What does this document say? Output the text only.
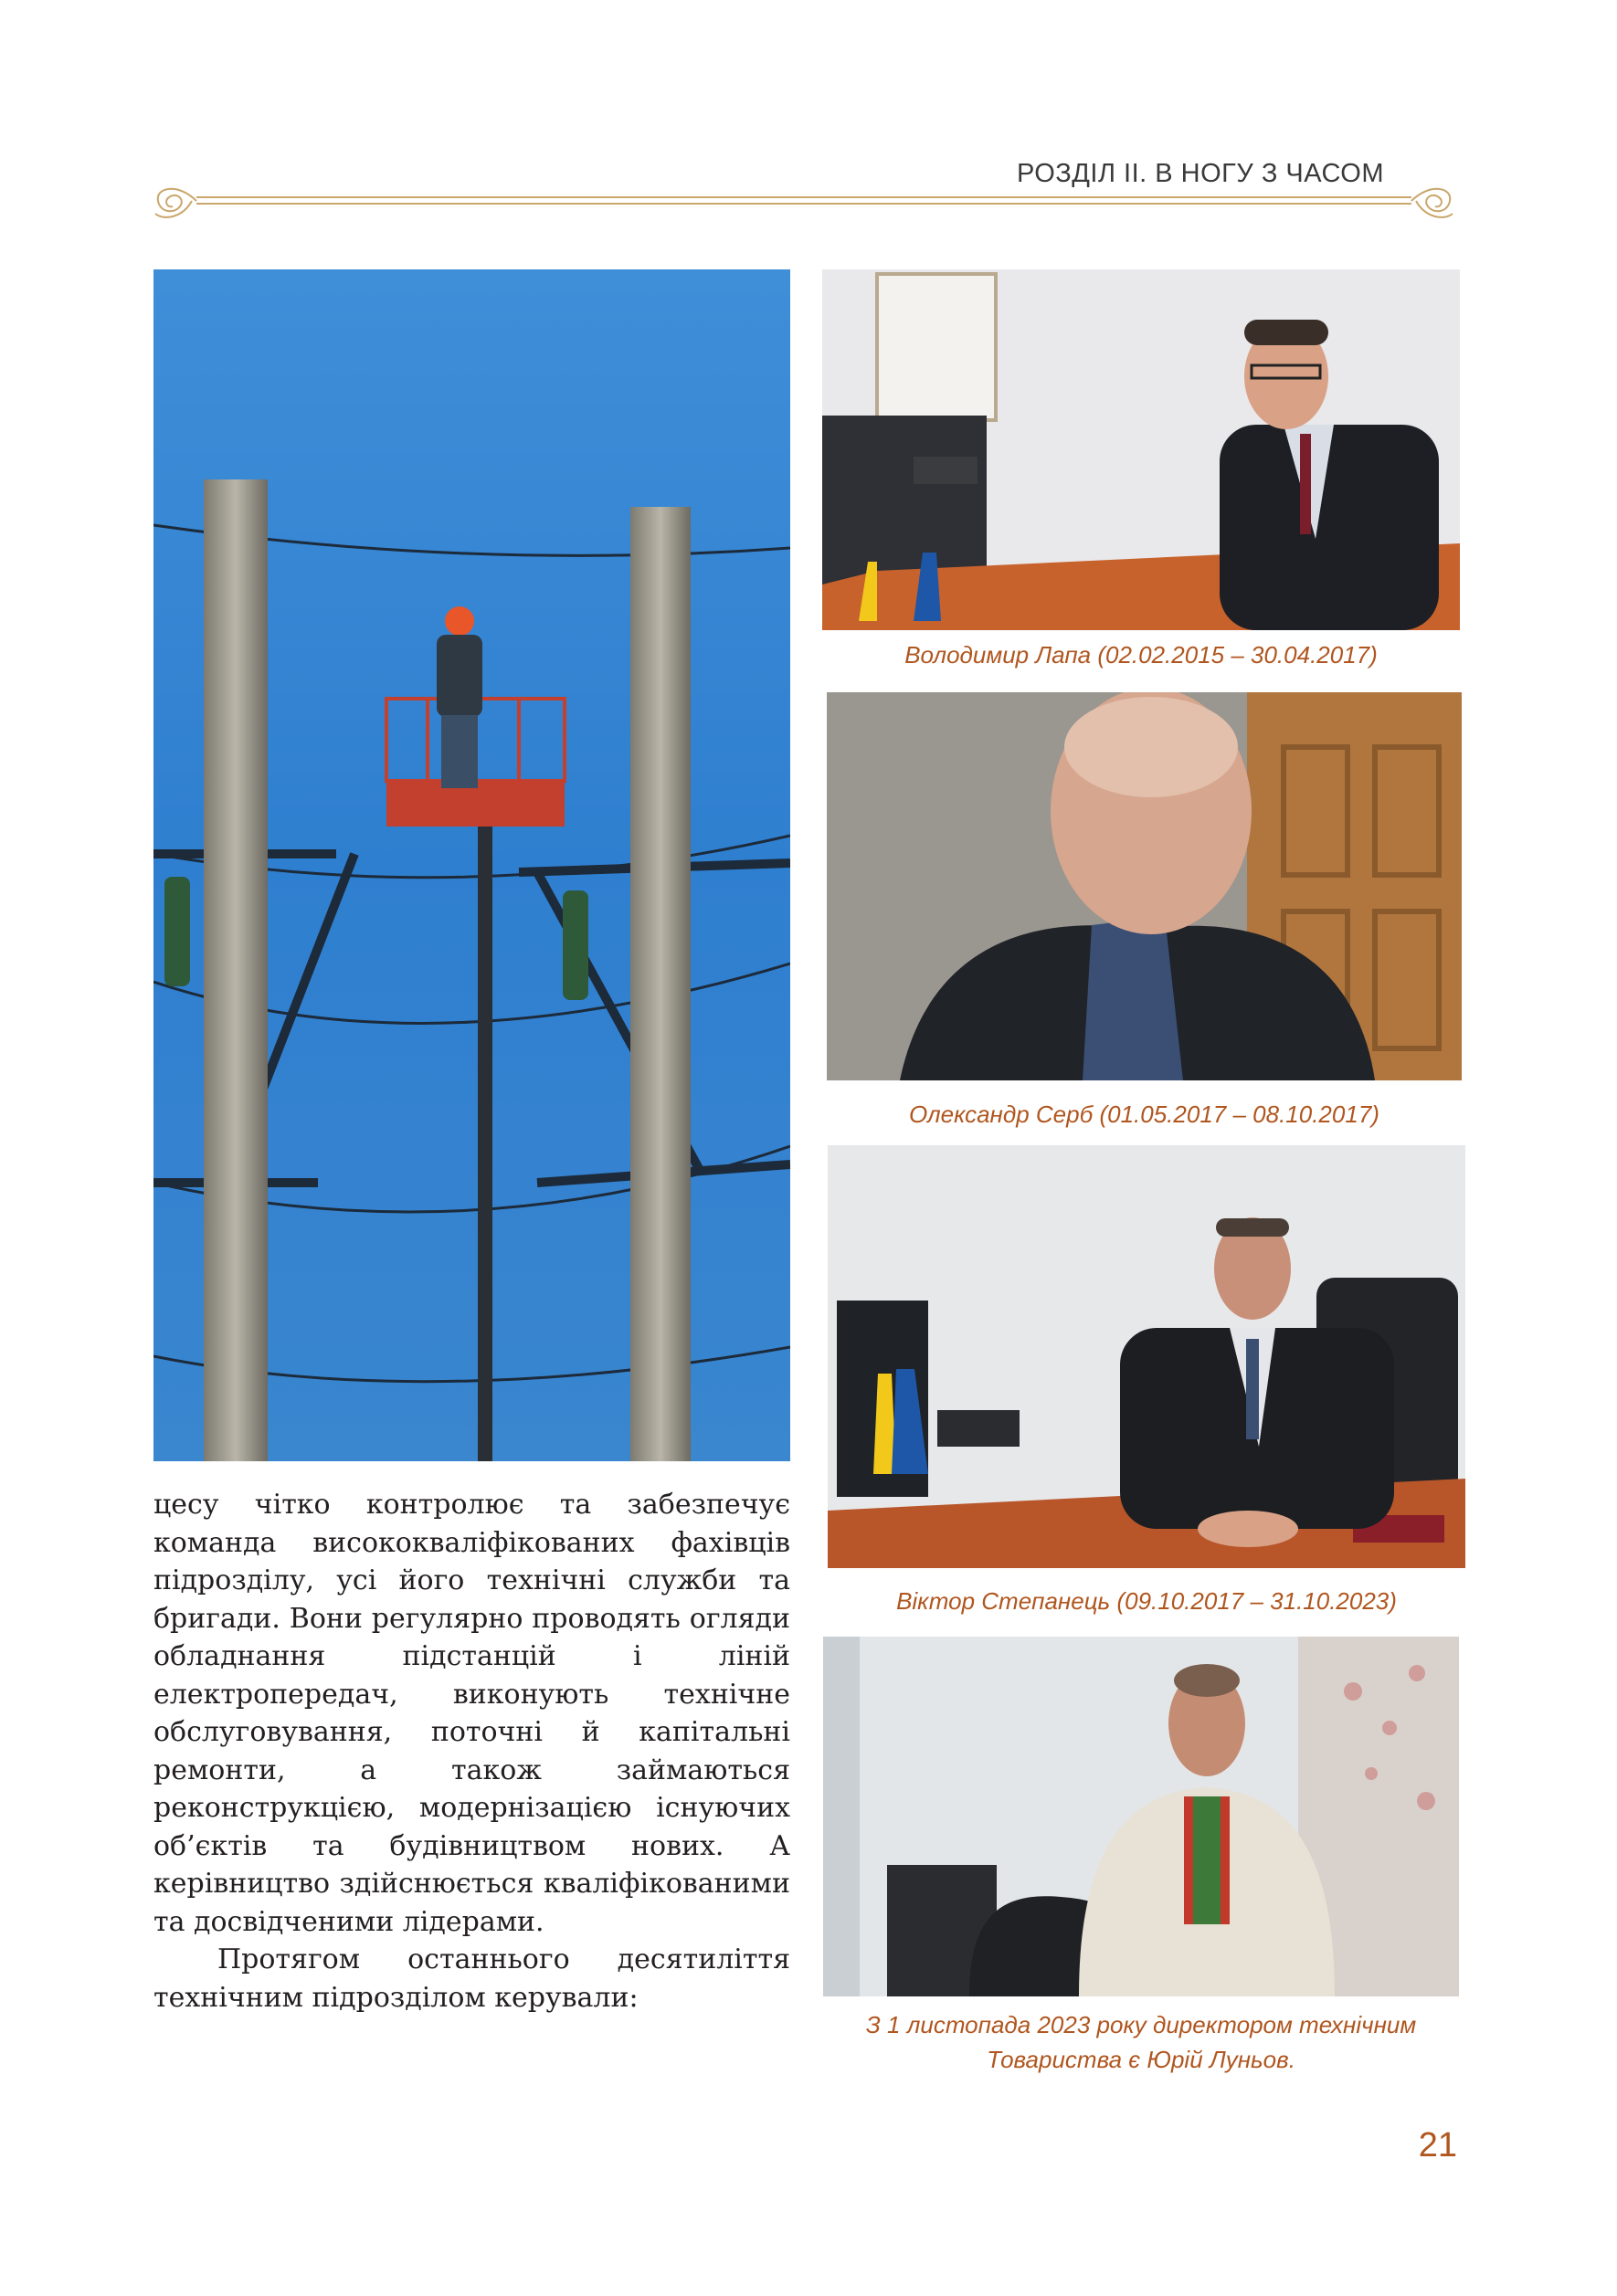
РОЗДІЛ ІІ. В НОГУ З ЧАСОМ
Володимир Лапа (02.02.2015 – 30.04.2017)
Олександр Серб (01.05.2017 – 08.10.2017)
Віктор Степанець (09.10.2017 – 31.10.2023)
З 1 листопада 2023 року директором технічним
Товариства є Юрій Луньов.

цесу чітко контролює та забезпечує команда висококваліфікованих фахівців підрозділу, усі його технічні служби та бригади. Вони регулярно проводять огляди обладнання підстанцій і ліній електропередач, виконують технічне обслуговування, поточні й капітальні ремонти, а також займаються реконструкцією, модернізацією існуючих об’єктів та будівництвом нових. А керівництво здійснюється кваліфікованими та досвідченими лідерами.

Протягом останнього десятиліття технічним підрозділом керували:

21
